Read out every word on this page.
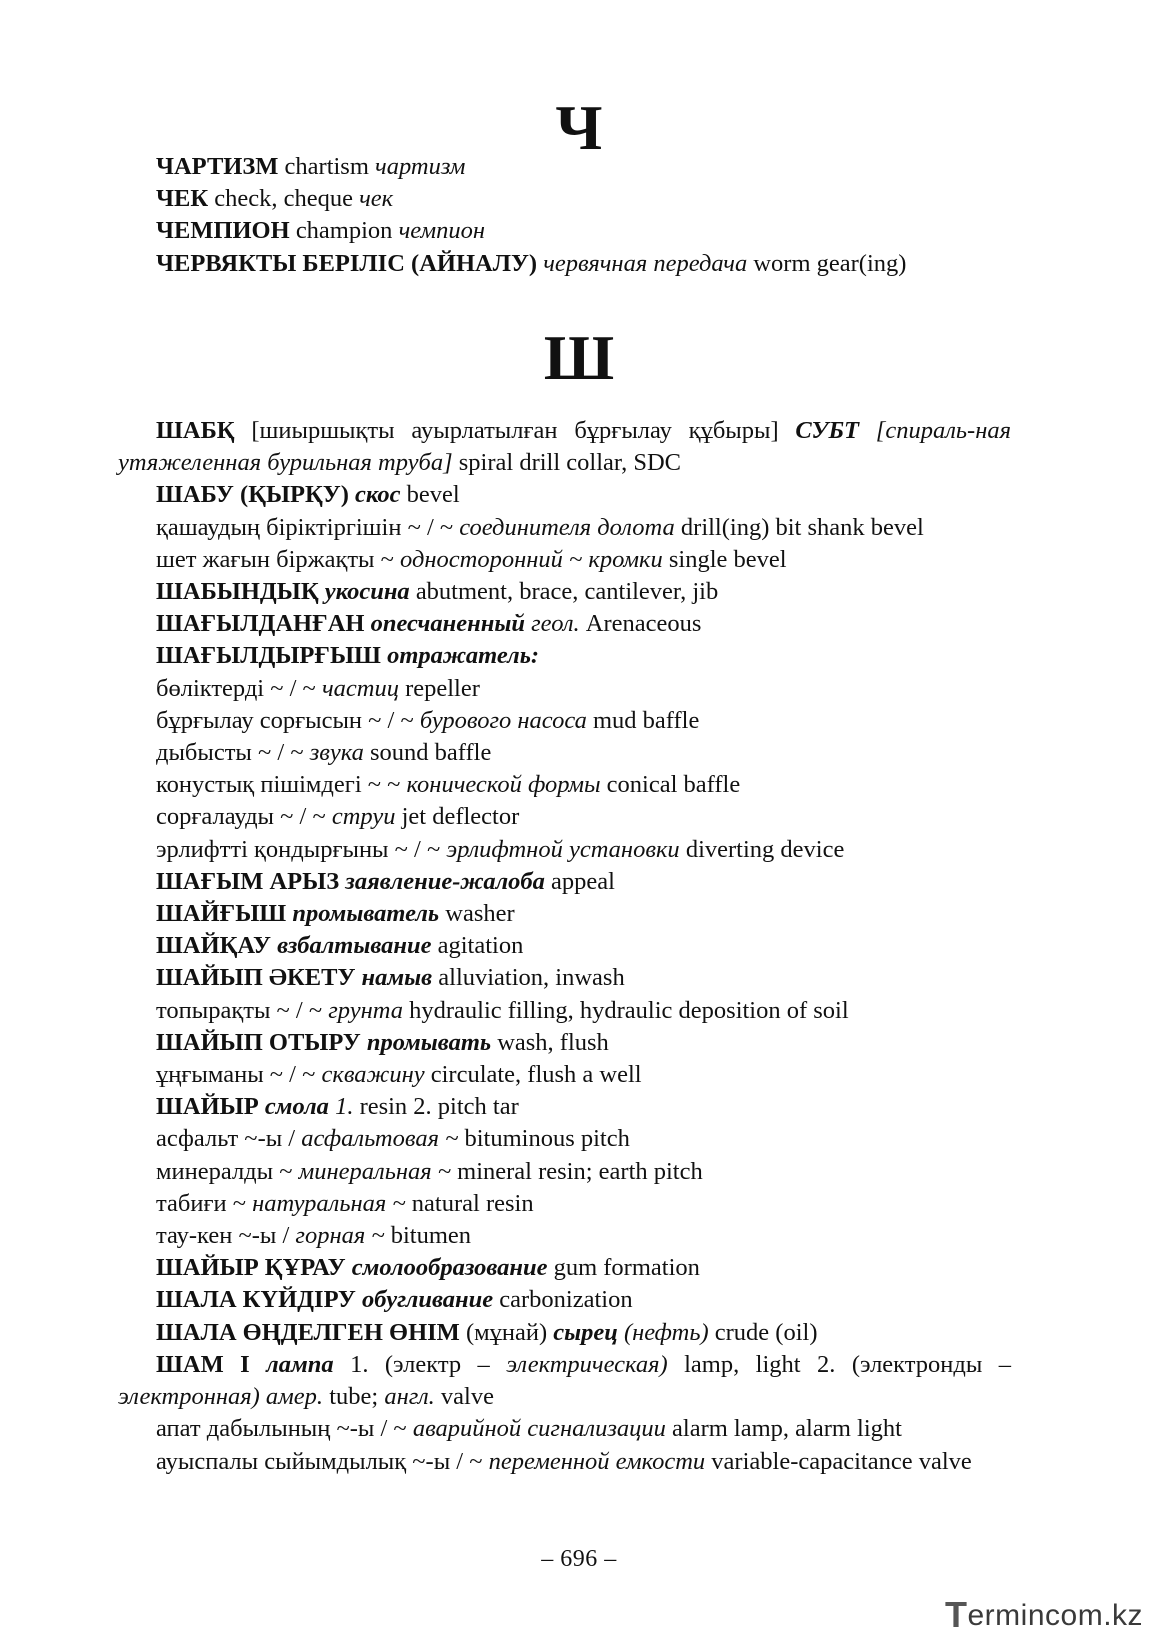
Ч
ЧАРТИЗМ chartism чартизм
ЧЕК check, cheque чек
ЧЕМПИОН champion чемпион
ЧЕРВЯКТЫ БЕРІЛІС (АЙНАЛУ) червячная передача worm gear(ing)
Ш
ШАБҚ [шиыршықты ауырлатылған бұрғылау құбыры] СУБТ [спираль-ная утяжеленная бурильная труба] spiral drill collar, SDC
ШАБУ (ҚЫРҚУ) скос bevel
қашаудың біріктіргішін ~ / ~ соединителя долота drill(ing) bit shank bevel
шет жағын біржақты ~ односторонний ~ кромки single bevel
ШАБЫНДЫҚ укосина abutment, brace, cantilever, jib
ШАҒЫЛДАНҒАН опесчаненный геол. Arenaceous
ШАҒЫЛДЫРҒЫШ отражатель:
бөліктерді ~ / ~ частиц repeller
бұрғылау сорғысын ~ / ~ бурового насоса mud baffle
дыбысты ~ / ~ звука sound baffle
конустық пішімдегі ~ ~ конической формы conical baffle
сорғалауды ~ / ~ струи jet deflector
эрлифтті қондырғыны ~ / ~ эрлифтной установки diverting device
ШАҒЫМ АРЫЗ заявление-жалоба appeal
ШАЙҒЫШ промыватель washer
ШАЙҚАУ взбалтывание agitation
ШАЙЫП ӘКЕТУ намыв alluviation, inwash
топырақты ~ / ~ грунта hydraulic filling, hydraulic deposition of soil
ШАЙЫП ОТЫРУ промывать wash, flush
ұңғыманы ~ / ~ скважину circulate, flush a well
ШАЙЫР смола 1. resin 2. pitch tar
асфальт ~-ы / асфальтовая ~ bituminous pitch
минералды ~ минеральная ~ mineral resin; earth pitch
табиғи ~ натуральная ~ natural resin
тау-кен ~-ы / горная ~ bitumen
ШАЙЫР ҚҰРАУ смолообразование gum formation
ШАЛА КҮЙДІРУ обугливание carbonization
ШАЛА ӨҢДЕЛГЕН ӨНІМ (мұнай) сырец (нефть) crude (oil)
ШАМ I лампа 1. (электр – электрическая) lamp, light 2. (электронды – электронная) амер. tube; англ. valve
апат дабылының ~-ы / ~ аварийной сигнализации alarm lamp, alarm light
ауыспалы сыйымдылық ~-ы / ~ переменной емкости variable-capacitance valve
– 696 –
Termincom.kz
